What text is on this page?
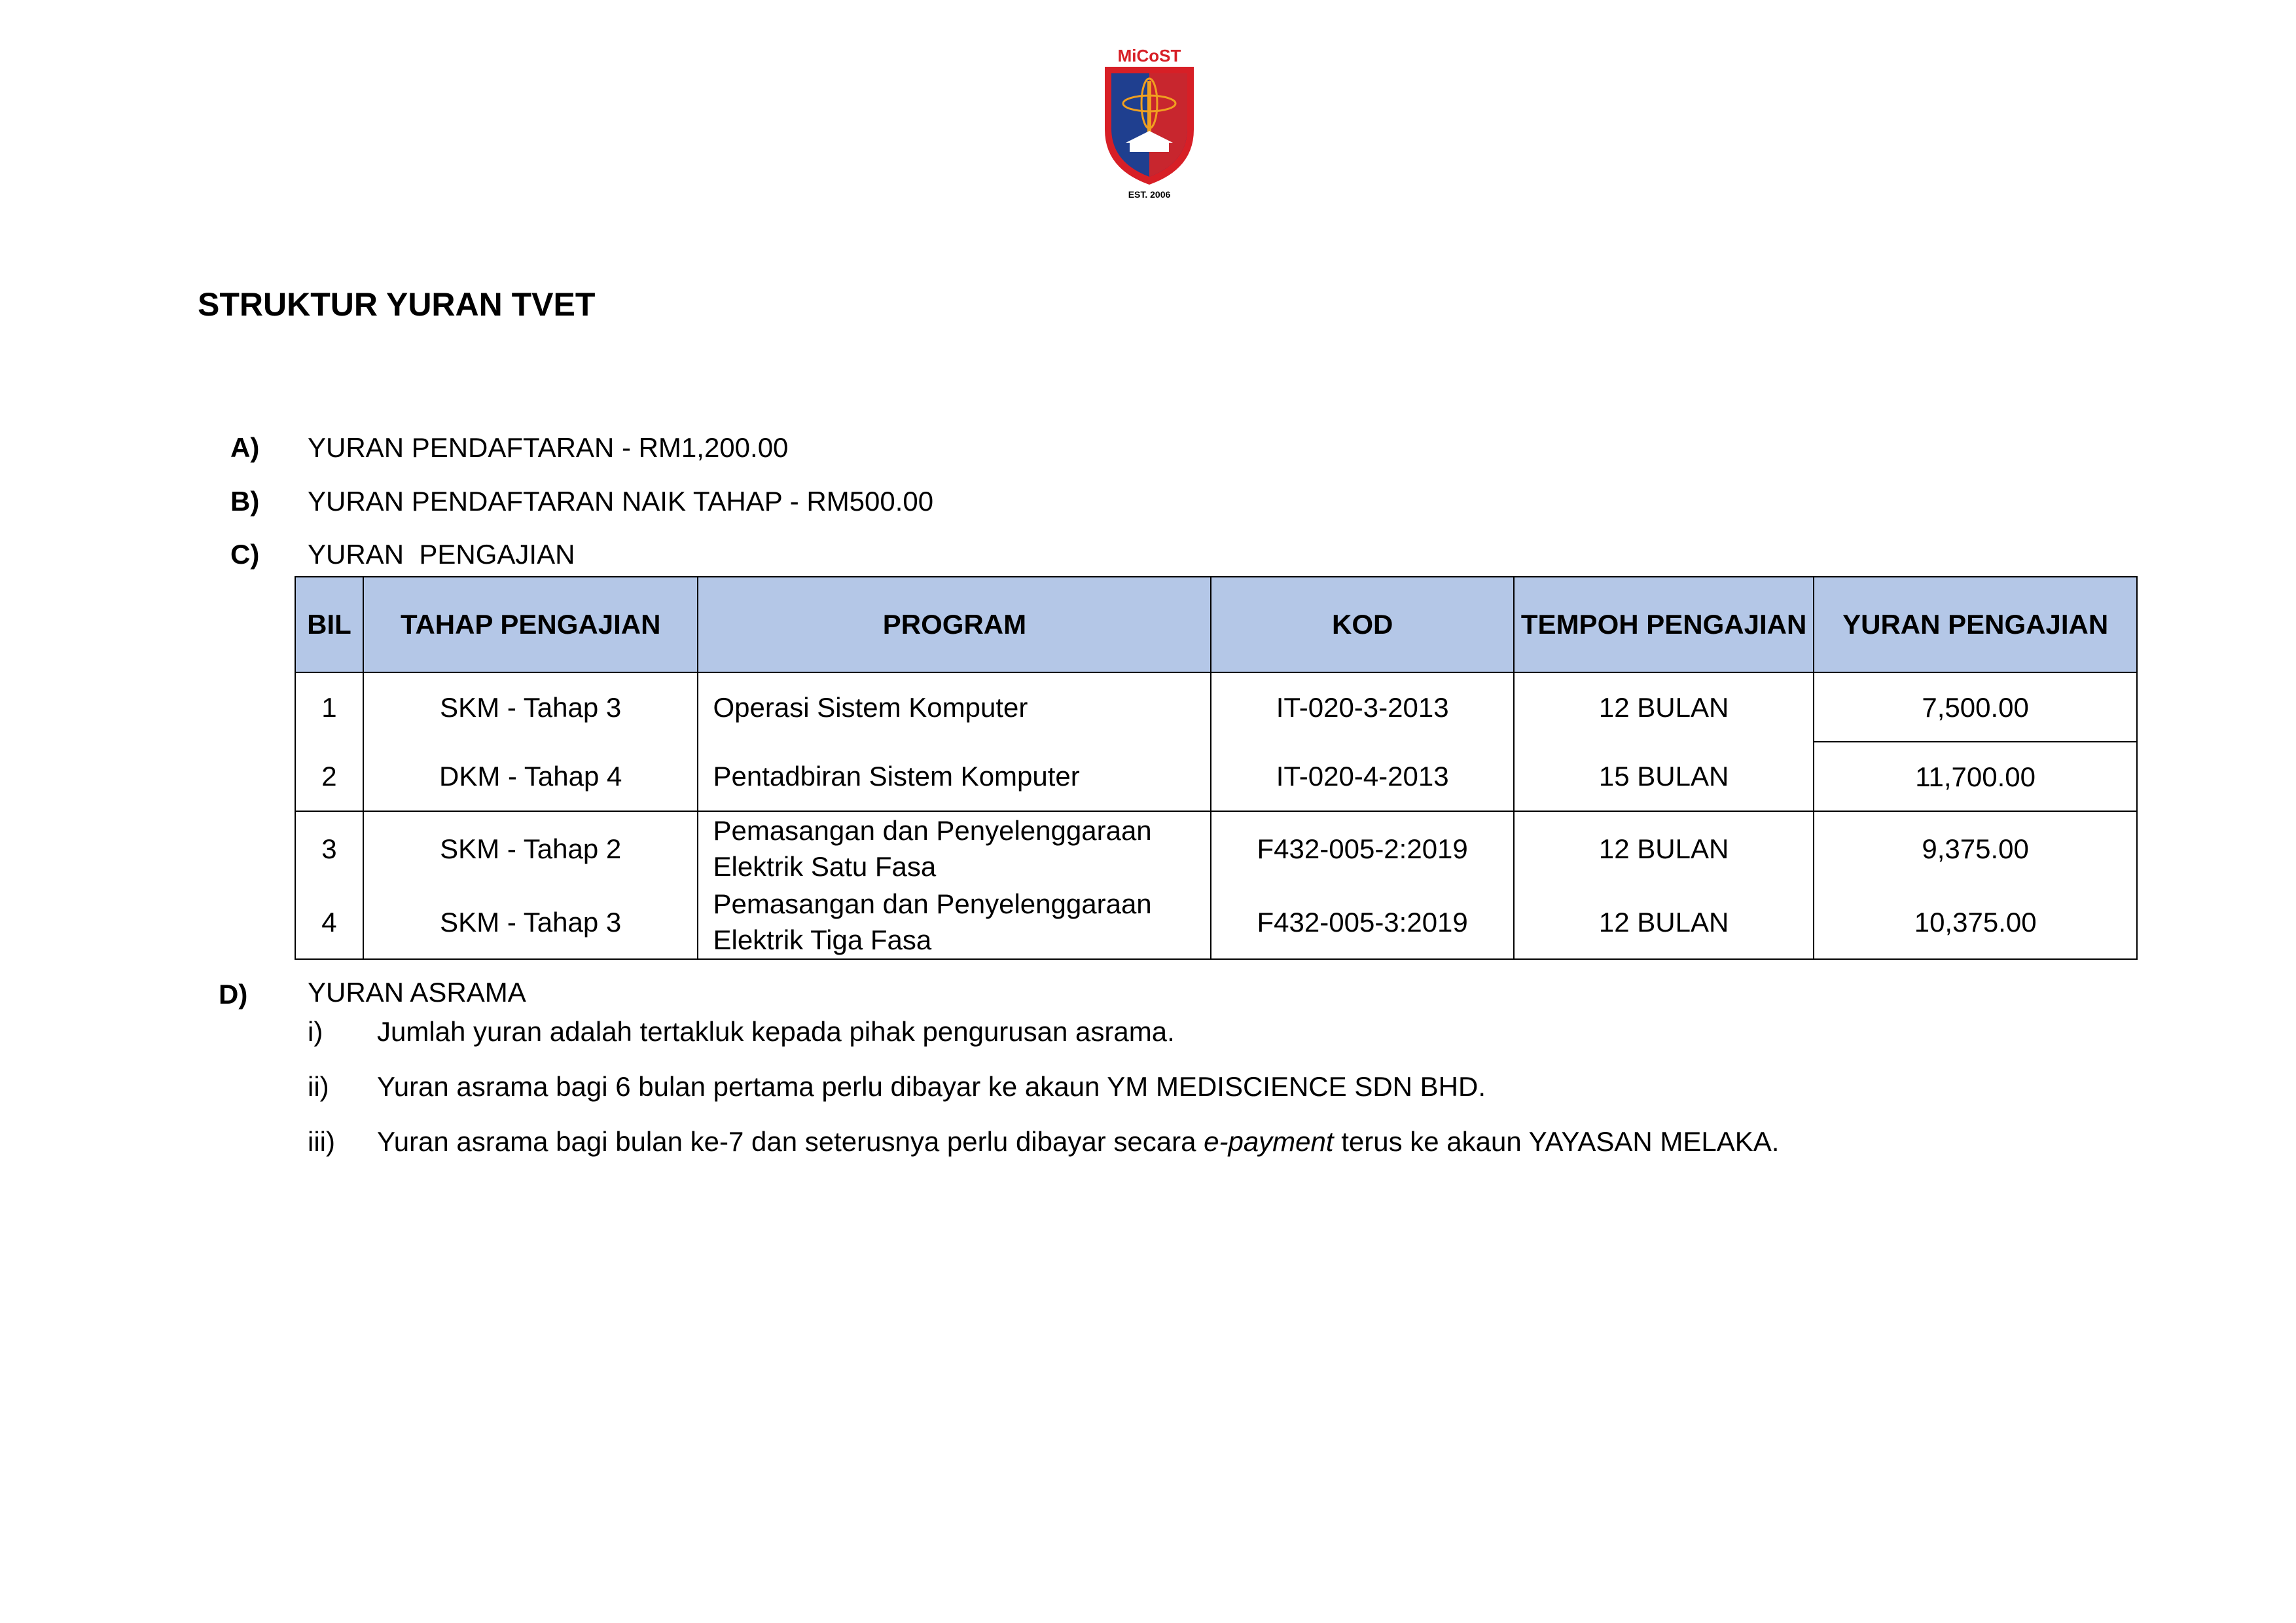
MiCoST
EST. 2006
STRUKTUR YURAN TVET
A) YURAN PENDAFTARAN - RM1,200.00
B) YURAN PENDAFTARAN NAIK TAHAP - RM500.00
C) YURAN  PENGAJIAN
BIL	TAHAP PENGAJIAN	PROGRAM	KOD	TEMPOH PENGAJIAN	YURAN PENGAJIAN
1	SKM - Tahap 3	Operasi Sistem Komputer	IT-020-3-2013	12 BULAN	7,500.00
2	DKM - Tahap 4	Pentadbiran Sistem Komputer	IT-020-4-2013	15 BULAN	11,700.00
3	SKM - Tahap 2	Pemasangan dan Penyelenggaraan
Elektrik Satu Fasa	F432-005-2:2019	12 BULAN	9,375.00
4	SKM - Tahap 3	Pemasangan dan Penyelenggaraan
Elektrik Tiga Fasa	F432-005-3:2019	12 BULAN	10,375.00
D) YURAN ASRAMA
i) Jumlah yuran adalah tertakluk kepada pihak pengurusan asrama.
ii) Yuran asrama bagi 6 bulan pertama perlu dibayar ke akaun YM MEDISCIENCE SDN BHD.
iii) Yuran asrama bagi bulan ke-7 dan seterusnya perlu dibayar secara e-payment terus ke akaun YAYASAN MELAKA.
